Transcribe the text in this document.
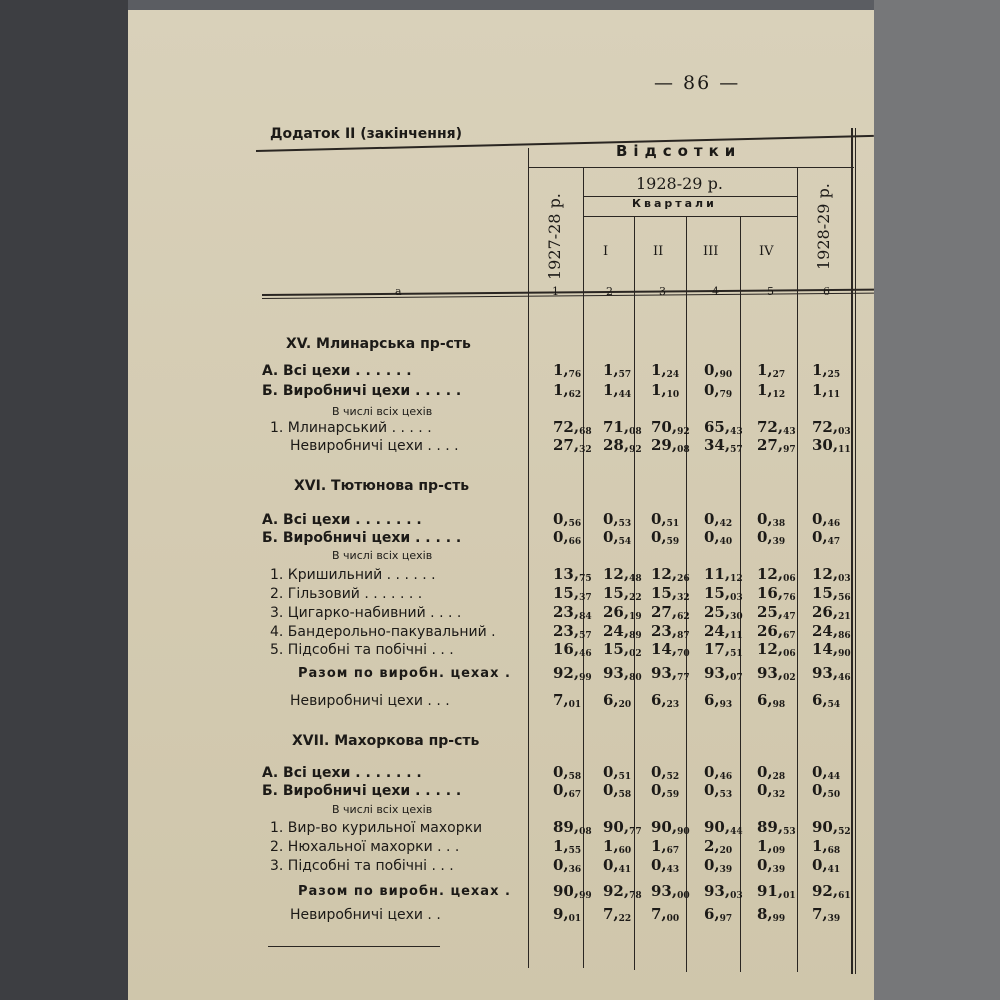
— 86 —
Додаток II (закінчення)
Відсотки
1928-29 р.
Квартали
1927-28 р.	1928-29 р.
I	II	III	IV
а	1	2	3	4	5	6
XV. Млинарська пр-сть
А. Всі цехи . . . . . .	$1,_{76}$ $1,_{57}$ $1,_{24}$ $0,_{90}$ $1,_{27}$ $1,_{25}$
Б. Виробничі цехи . . . . .	$1,_{62}$ $1,_{44}$ $1,_{10}$ $0,_{79}$ $1,_{12}$ $1,_{11}$
В числі всіх цехів
1. Млинарський . . . . .	$72,_{68}$ $71,_{08}$ $70,_{92}$ $65,_{43}$ $72,_{43}$ $72,_{03}$
Невиробничі цехи . . . .	$27,_{32}$ $28,_{92}$ $29,_{08}$ $34,_{57}$ $27,_{97}$ $30,_{11}$
XVI. Тютюнова пр-сть
А. Всі цехи . . . . . . .	$0,_{56}$ $0,_{53}$ $0,_{51}$ $0,_{42}$ $0,_{38}$ $0,_{46}$
Б. Виробничі цехи . . . . .	$0,_{66}$ $0,_{54}$ $0,_{59}$ $0,_{40}$ $0,_{39}$ $0,_{47}$
В числі всіх цехів
1. Кришильний . . . . . .	$13,_{75}$ $12,_{48}$ $12,_{26}$ $11,_{12}$ $12,_{06}$ $12,_{03}$
2. Гільзовий . . . . . . .	$15,_{37}$ $15,_{22}$ $15,_{32}$ $15,_{03}$ $16,_{76}$ $15,_{56}$
3. Цигарко-набивний . . . .	$23,_{84}$ $26,_{19}$ $27,_{62}$ $25,_{30}$ $25,_{47}$ $26,_{21}$
4. Бандерольно-пакувальний .	$23,_{57}$ $24,_{89}$ $23,_{87}$ $24,_{11}$ $26,_{67}$ $24,_{86}$
5. Підсобні та побічні . . .	$16,_{46}$ $15,_{02}$ $14,_{70}$ $17,_{51}$ $12,_{06}$ $14,_{90}$
Разом по виробн. цехах .	$92,_{99}$ $93,_{80}$ $93,_{77}$ $93,_{07}$ $93,_{02}$ $93,_{46}$
Невиробничі цехи . . .	$7,_{01}$ $6,_{20}$ $6,_{23}$ $6,_{93}$ $6,_{98}$ $6,_{54}$
XVII. Махоркова пр-сть
А. Всі цехи . . . . . . .	$0,_{58}$ $0,_{51}$ $0,_{52}$ $0,_{46}$ $0,_{28}$ $0,_{44}$
Б. Виробничі цехи . . . . .	$0,_{67}$ $0,_{58}$ $0,_{59}$ $0,_{53}$ $0,_{32}$ $0,_{50}$
В числі всіх цехів
1. Вир-во курильної махорки	$89,_{08}$ $90,_{77}$ $90,_{90}$ $90,_{44}$ $89,_{53}$ $90,_{52}$
2. Нюхальної махорки . . .	$1,_{55}$ $1,_{60}$ $1,_{67}$ $2,_{20}$ $1,_{09}$ $1,_{68}$
3. Підсобні та побічні . . .	$0,_{36}$ $0,_{41}$ $0,_{43}$ $0,_{39}$ $0,_{39}$ $0,_{41}$
Разом по виробн. цехах .	$90,_{99}$ $92,_{78}$ $93,_{00}$ $93,_{03}$ $91,_{01}$ $92,_{61}$
Невиробничі цехи . .	$9,_{01}$ $7,_{22}$ $7,_{00}$ $6,_{97}$ $8,_{99}$ $7,_{39}$
